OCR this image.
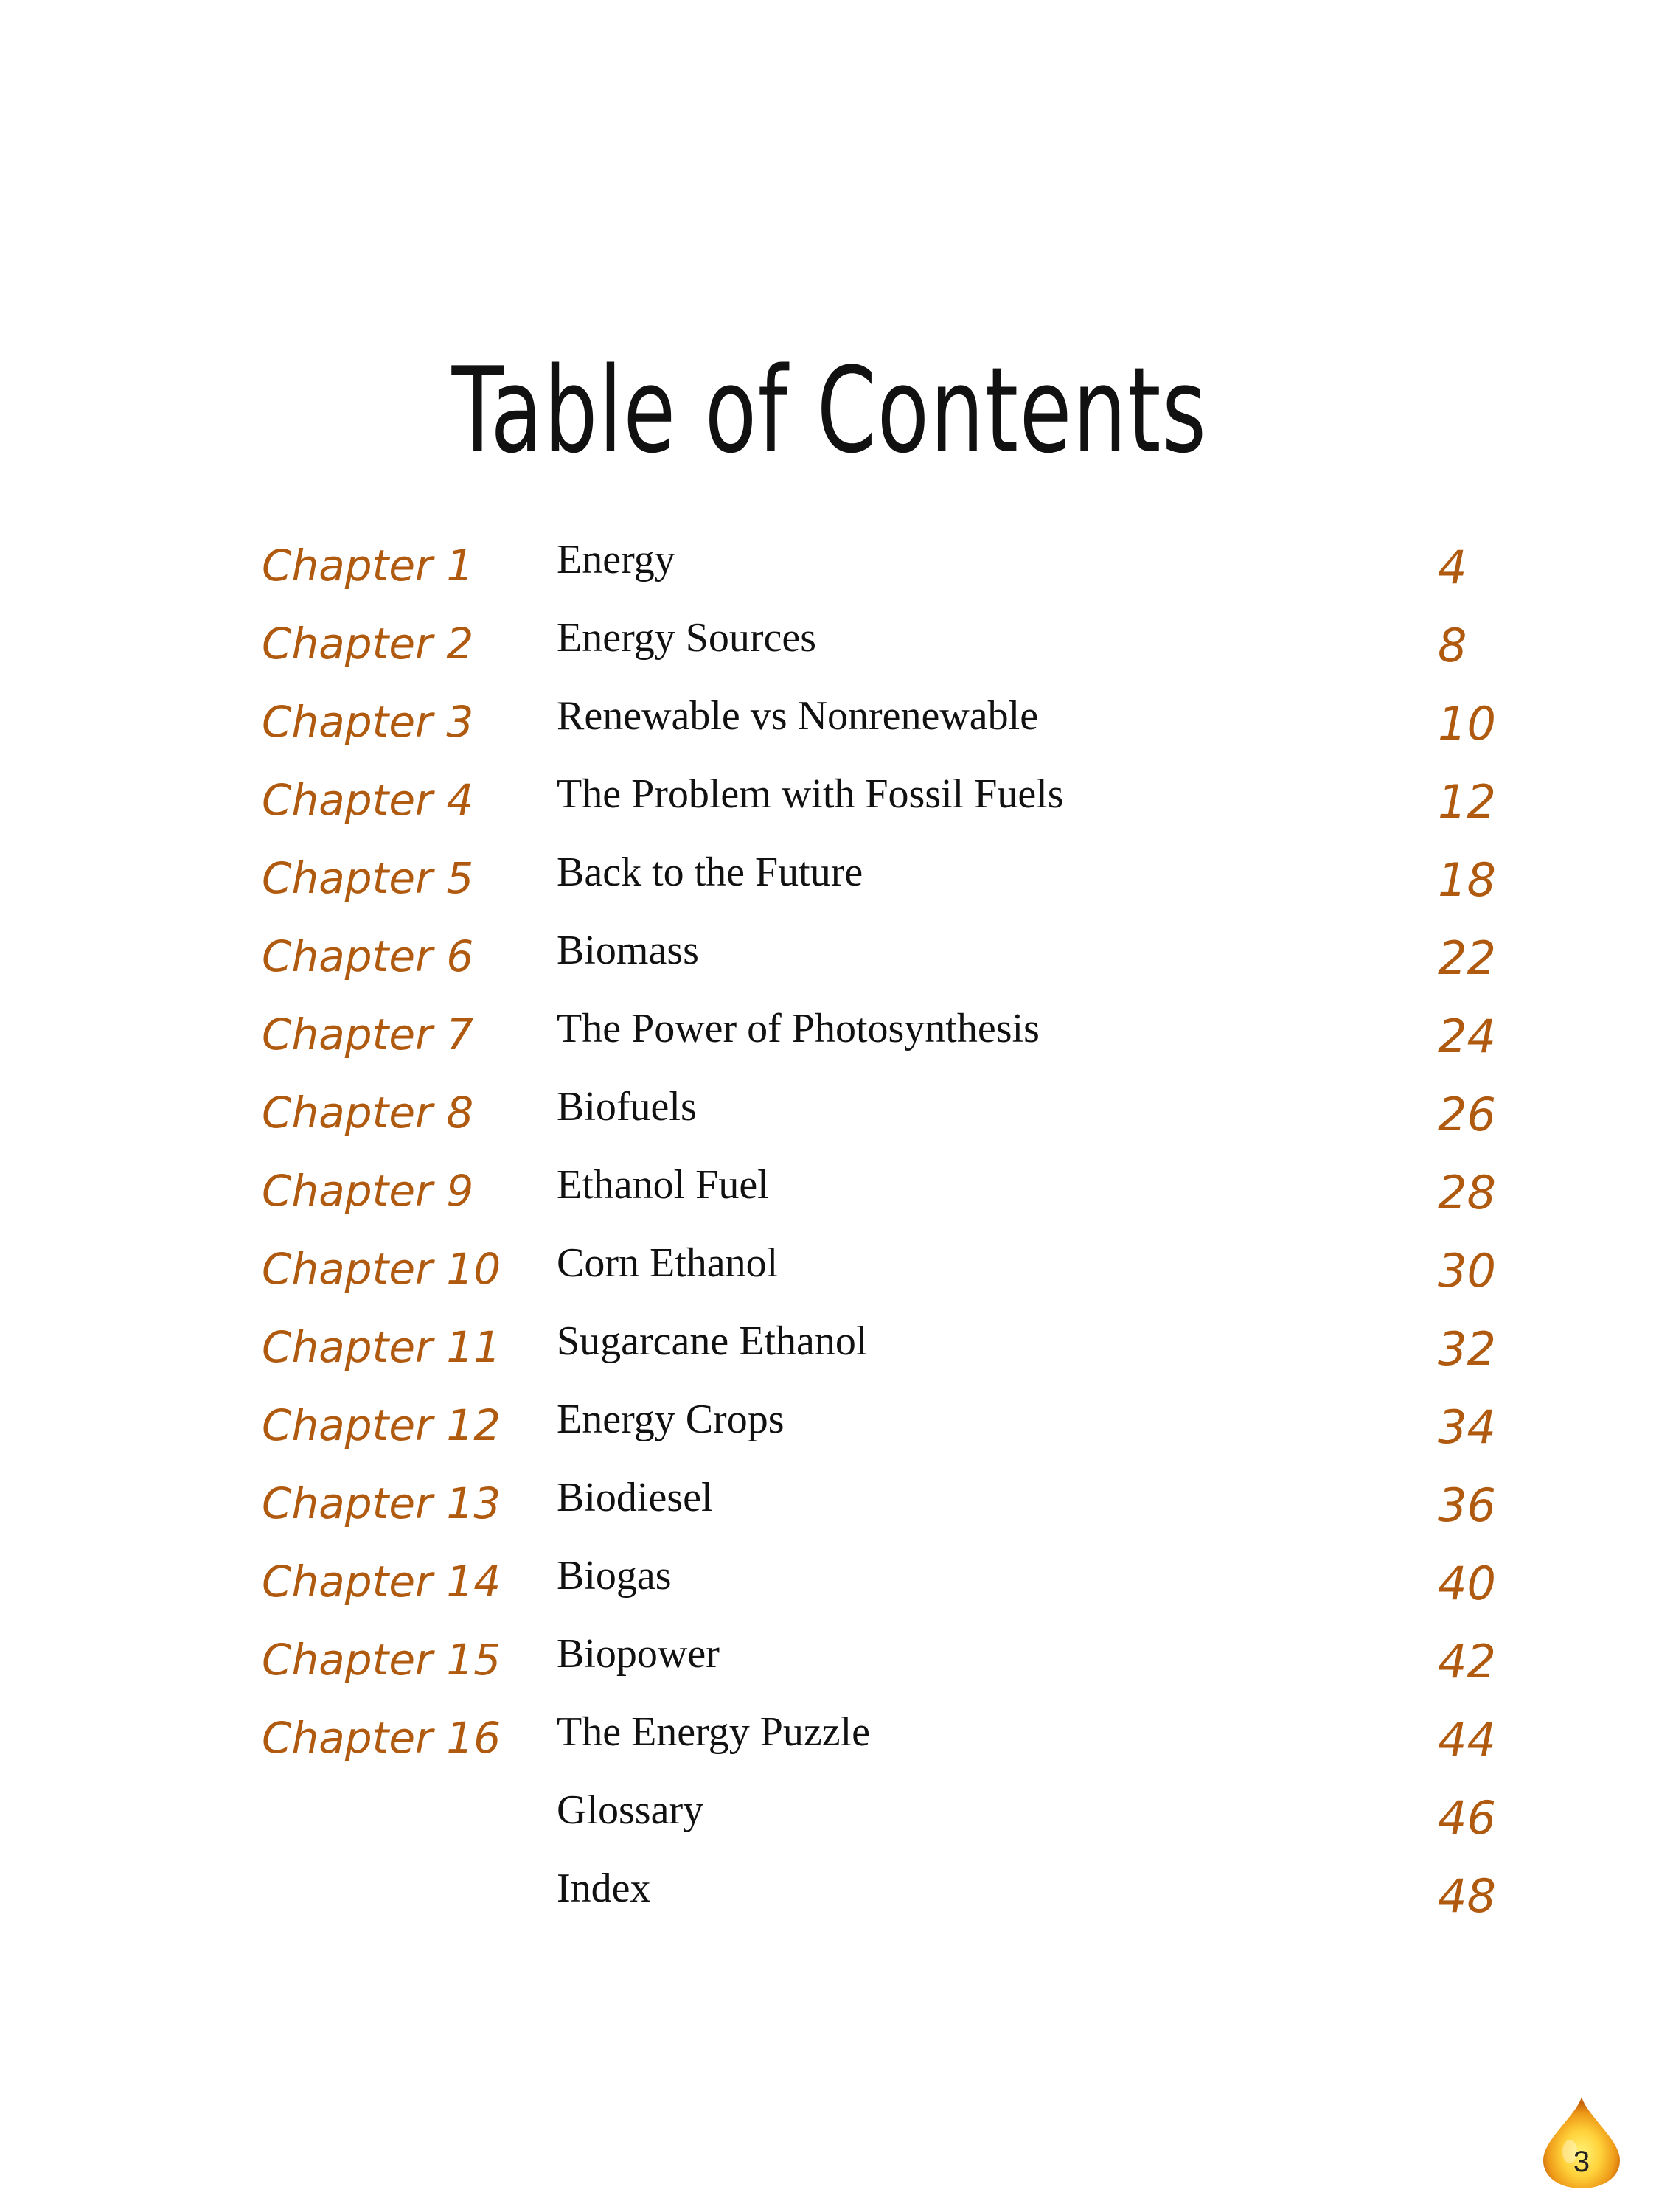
Table of Contents
Chapter 1 Energy	4
Chapter 2 Energy Sources	8
Chapter 3 Renewable vs Nonrenewable	10
Chapter 4 The Problem with Fossil Fuels	12
Chapter 5 Back to the Future	18
Chapter 6 Biomass	22
Chapter 7 The Power of Photosynthesis	24
Chapter 8 Biofuels	26
Chapter 9 Ethanol Fuel	28
Chapter 10 Corn Ethanol	30
Chapter 11 Sugarcane Ethanol	32
Chapter 12 Energy Crops	34
Chapter 13 Biodiesel	36
Chapter 14 Biogas	40
Chapter 15 Biopower	42
Chapter 16 The Energy Puzzle	44
Glossary	46
Index	48
3
